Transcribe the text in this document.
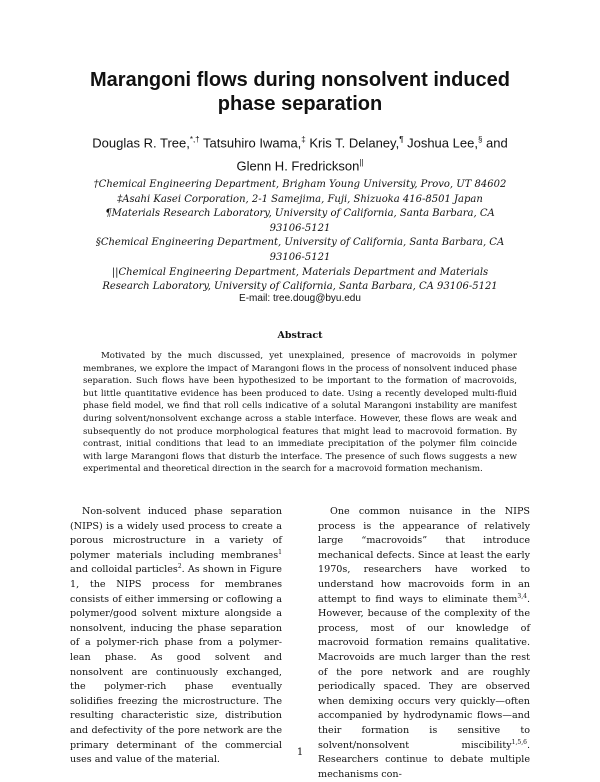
Marangoni flows during nonsolvent induced phase separation
Douglas R. Tree,*,† Tatsuhiro Iwama,‡ Kris T. Delaney,¶ Joshua Lee,§ and
Glenn H. Fredrickson||
†Chemical Engineering Department, Brigham Young University, Provo, UT 84602
‡Asahi Kasei Corporation, 2-1 Samejima, Fuji, Shizuoka 416-8501 Japan
¶Materials Research Laboratory, University of California, Santa Barbara, CA 93106-5121
§Chemical Engineering Department, University of California, Santa Barbara, CA 93106-5121
||Chemical Engineering Department, Materials Department and Materials Research Laboratory, University of California, Santa Barbara, CA 93106-5121
E-mail: tree.doug@byu.edu
Abstract
Motivated by the much discussed, yet unexplained, presence of macrovoids in polymer membranes, we explore the impact of Marangoni flows in the process of nonsolvent induced phase separation. Such flows have been hypothesized to be important to the formation of macrovoids, but little quantitative evidence has been produced to date. Using a recently developed multi-fluid phase field model, we find that roll cells indicative of a solutal Marangoni instability are manifest during solvent/nonsolvent exchange across a stable interface. However, these flows are weak and subsequently do not produce morphological features that might lead to macrovoid formation. By contrast, initial conditions that lead to an immediate precipitation of the polymer film coincide with large Marangoni flows that disturb the interface. The presence of such flows suggests a new experimental and theoretical direction in the search for a macrovoid formation mechanism.
Non-solvent induced phase separation (NIPS) is a widely used process to create a porous microstructure in a variety of polymer materials including membranes$^1$ and colloidal particles$^2$. As shown in Figure 1, the NIPS process for membranes consists of either immersing or coflowing a polymer/good solvent mixture alongside a nonsolvent, inducing the phase separation of a polymer-rich phase from a polymer-lean phase. As good solvent and nonsolvent are continuously exchanged, the polymer-rich phase eventually solidifies freezing the microstructure. The resulting characteristic size, distribution and defectivity of the pore network are the primary determinant of the commercial uses and value of the material.
One common nuisance in the NIPS process is the appearance of relatively large “macrovoids” that introduce mechanical defects. Since at least the early 1970s, researchers have worked to understand how macrovoids form in an attempt to find ways to eliminate them$^{3,4}$. However, because of the complexity of the process, most of our knowledge of macrovoid formation remains qualitative. Macrovoids are much larger than the rest of the pore network and are roughly periodically spaced. They are observed when demixing occurs very quickly—often accompanied by hydrodynamic flows—and their formation is sensitive to solvent/nonsolvent miscibility$^{1,5,6}$. Researchers continue to debate multiple mechanisms con-
1
